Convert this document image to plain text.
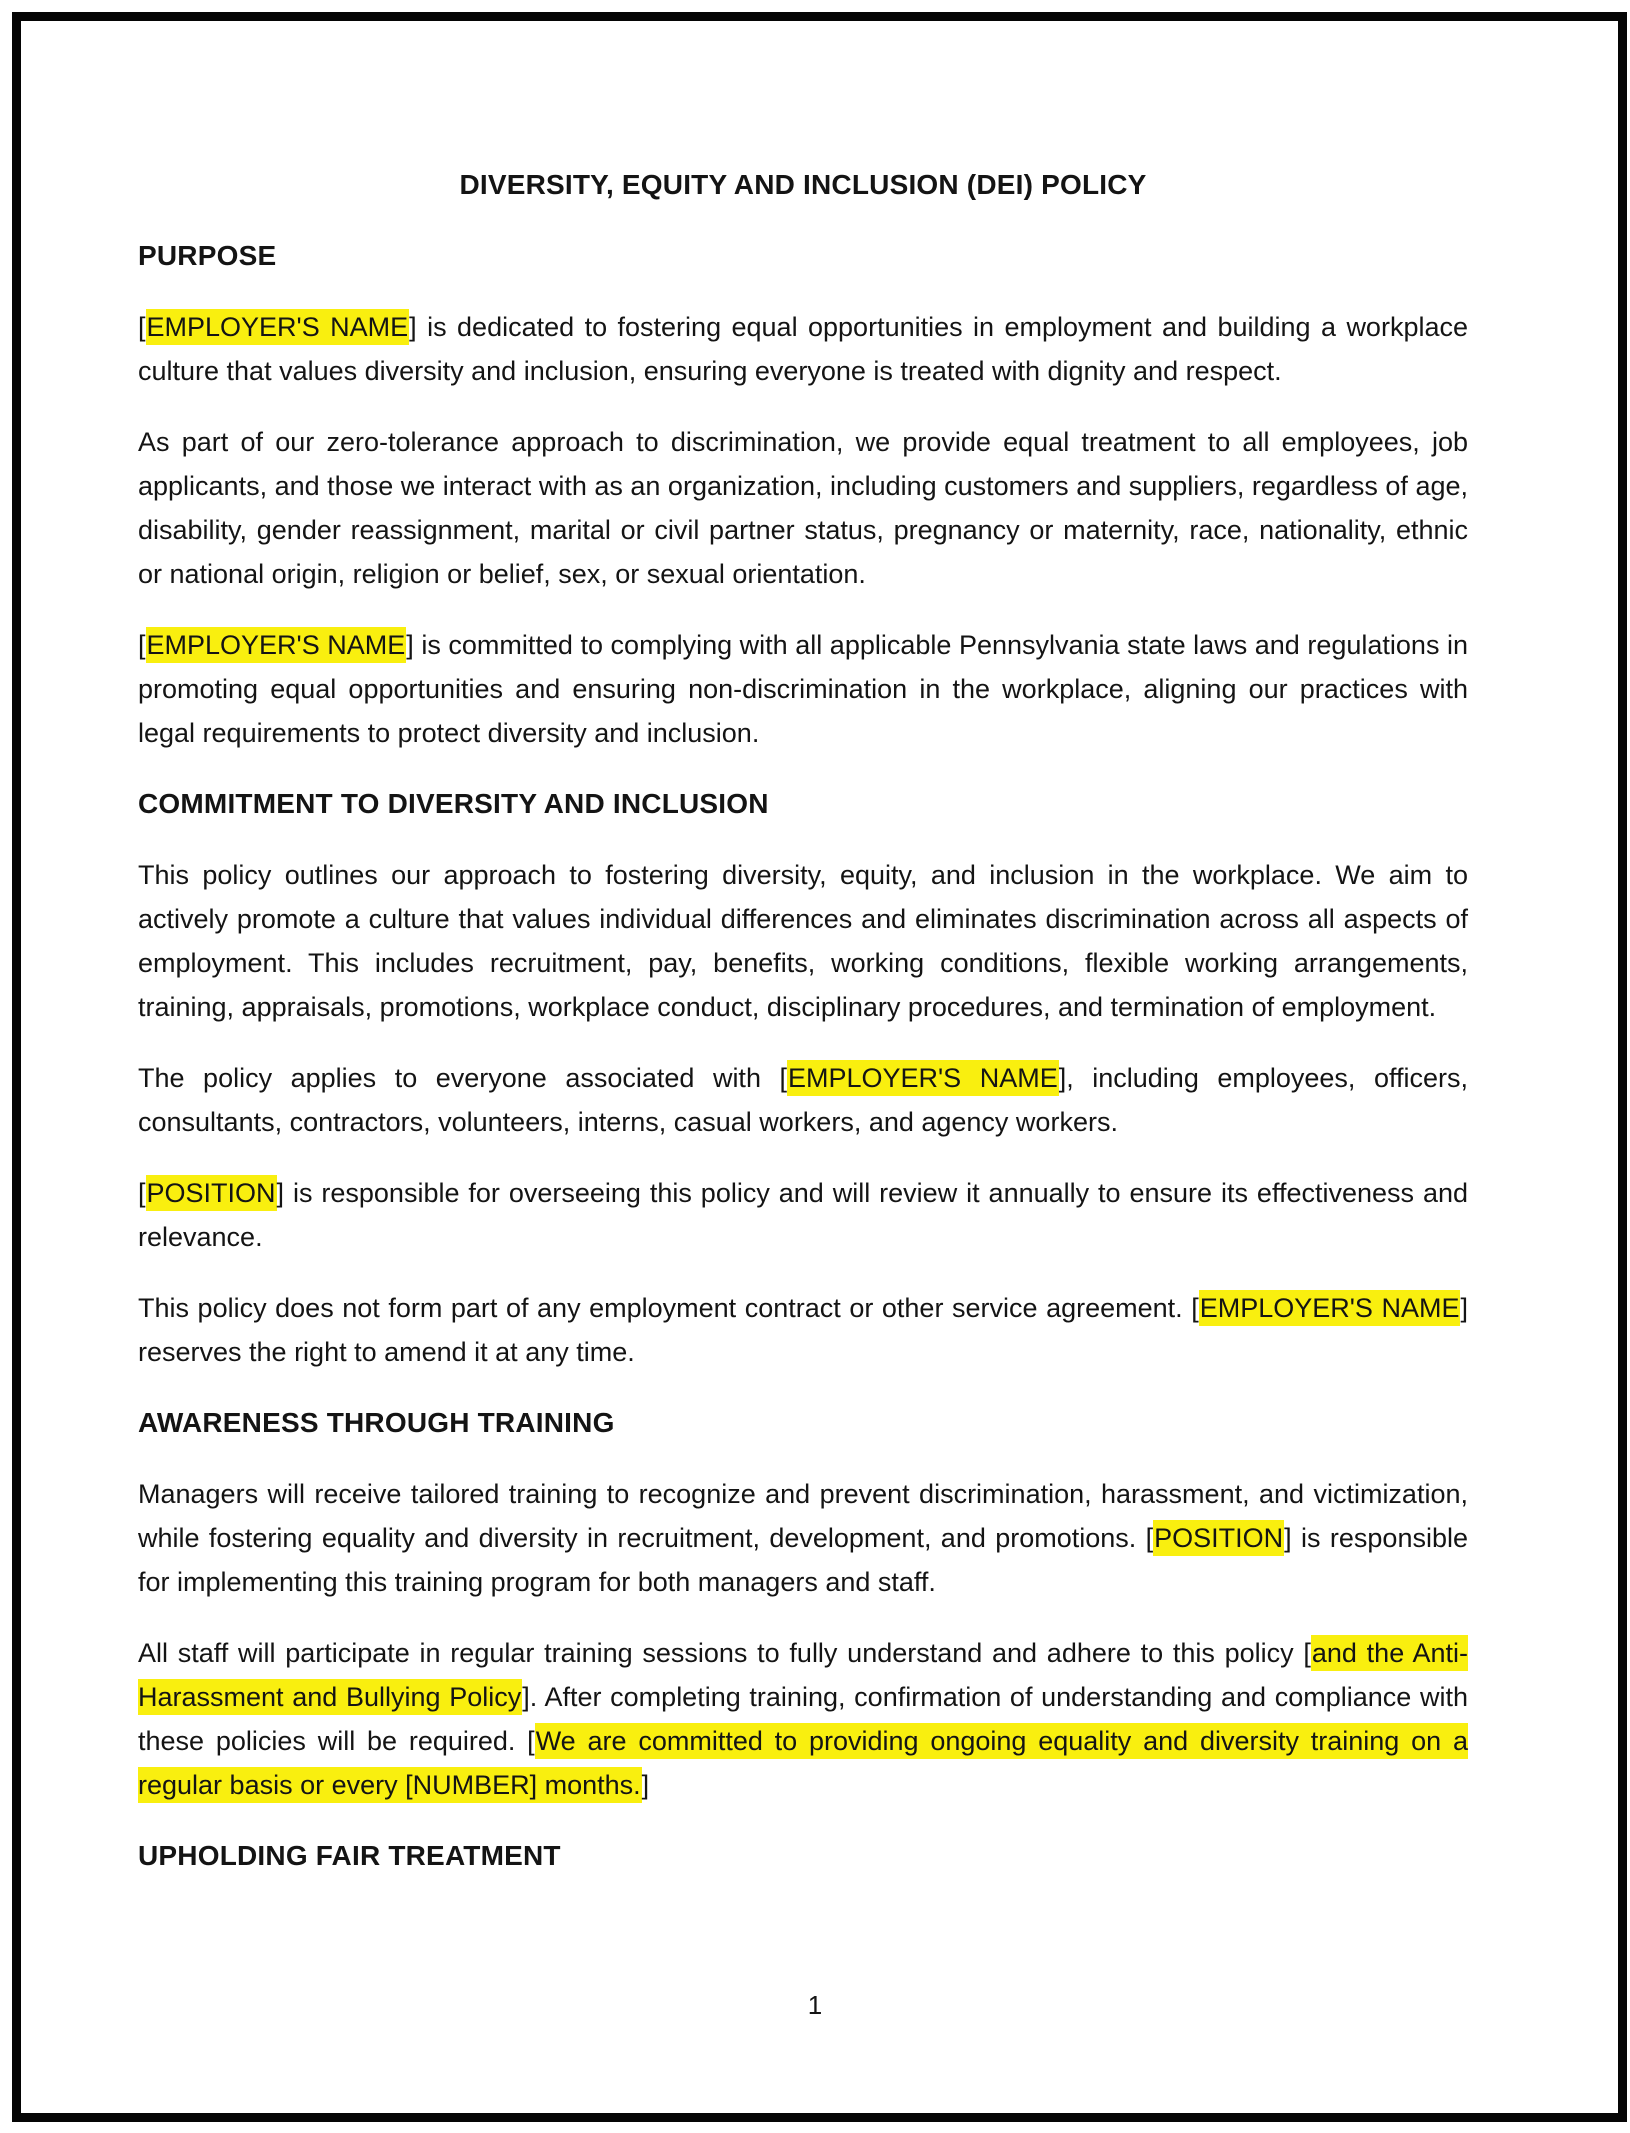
DIVERSITY, EQUITY AND INCLUSION (DEI) POLICY
PURPOSE

[EMPLOYER'S NAME] is dedicated to fostering equal opportunities in employment and building a workplace culture that values diversity and inclusion, ensuring everyone is treated with dignity and respect.

As part of our zero-tolerance approach to discrimination, we provide equal treatment to all employees, job applicants, and those we interact with as an organization, including customers and suppliers, regardless of age, disability, gender reassignment, marital or civil partner status, pregnancy or maternity, race, nationality, ethnic or national origin, religion or belief, sex, or sexual orientation.

[EMPLOYER'S NAME] is committed to complying with all applicable Pennsylvania state laws and regulations in promoting equal opportunities and ensuring non-discrimination in the workplace, aligning our practices with legal requirements to protect diversity and inclusion.

COMMITMENT TO DIVERSITY AND INCLUSION

This policy outlines our approach to fostering diversity, equity, and inclusion in the workplace. We aim to actively promote a culture that values individual differences and eliminates discrimination across all aspects of employment. This includes recruitment, pay, benefits, working conditions, flexible working arrangements, training, appraisals, promotions, workplace conduct, disciplinary procedures, and termination of employment.

The policy applies to everyone associated with [EMPLOYER'S NAME], including employees, officers, consultants, contractors, volunteers, interns, casual workers, and agency workers.

[POSITION] is responsible for overseeing this policy and will review it annually to ensure its effectiveness and relevance.

This policy does not form part of any employment contract or other service agreement. [EMPLOYER'S NAME] reserves the right to amend it at any time.

AWARENESS THROUGH TRAINING

Managers will receive tailored training to recognize and prevent discrimination, harassment, and victimization, while fostering equality and diversity in recruitment, development, and promotions. [POSITION] is responsible for implementing this training program for both managers and staff.

All staff will participate in regular training sessions to fully understand and adhere to this policy [and the Anti-Harassment and Bullying Policy]. After completing training, confirmation of understanding and compliance with these policies will be required. [We are committed to providing ongoing equality and diversity training on a regular basis or every [NUMBER] months.]

UPHOLDING FAIR TREATMENT
1
